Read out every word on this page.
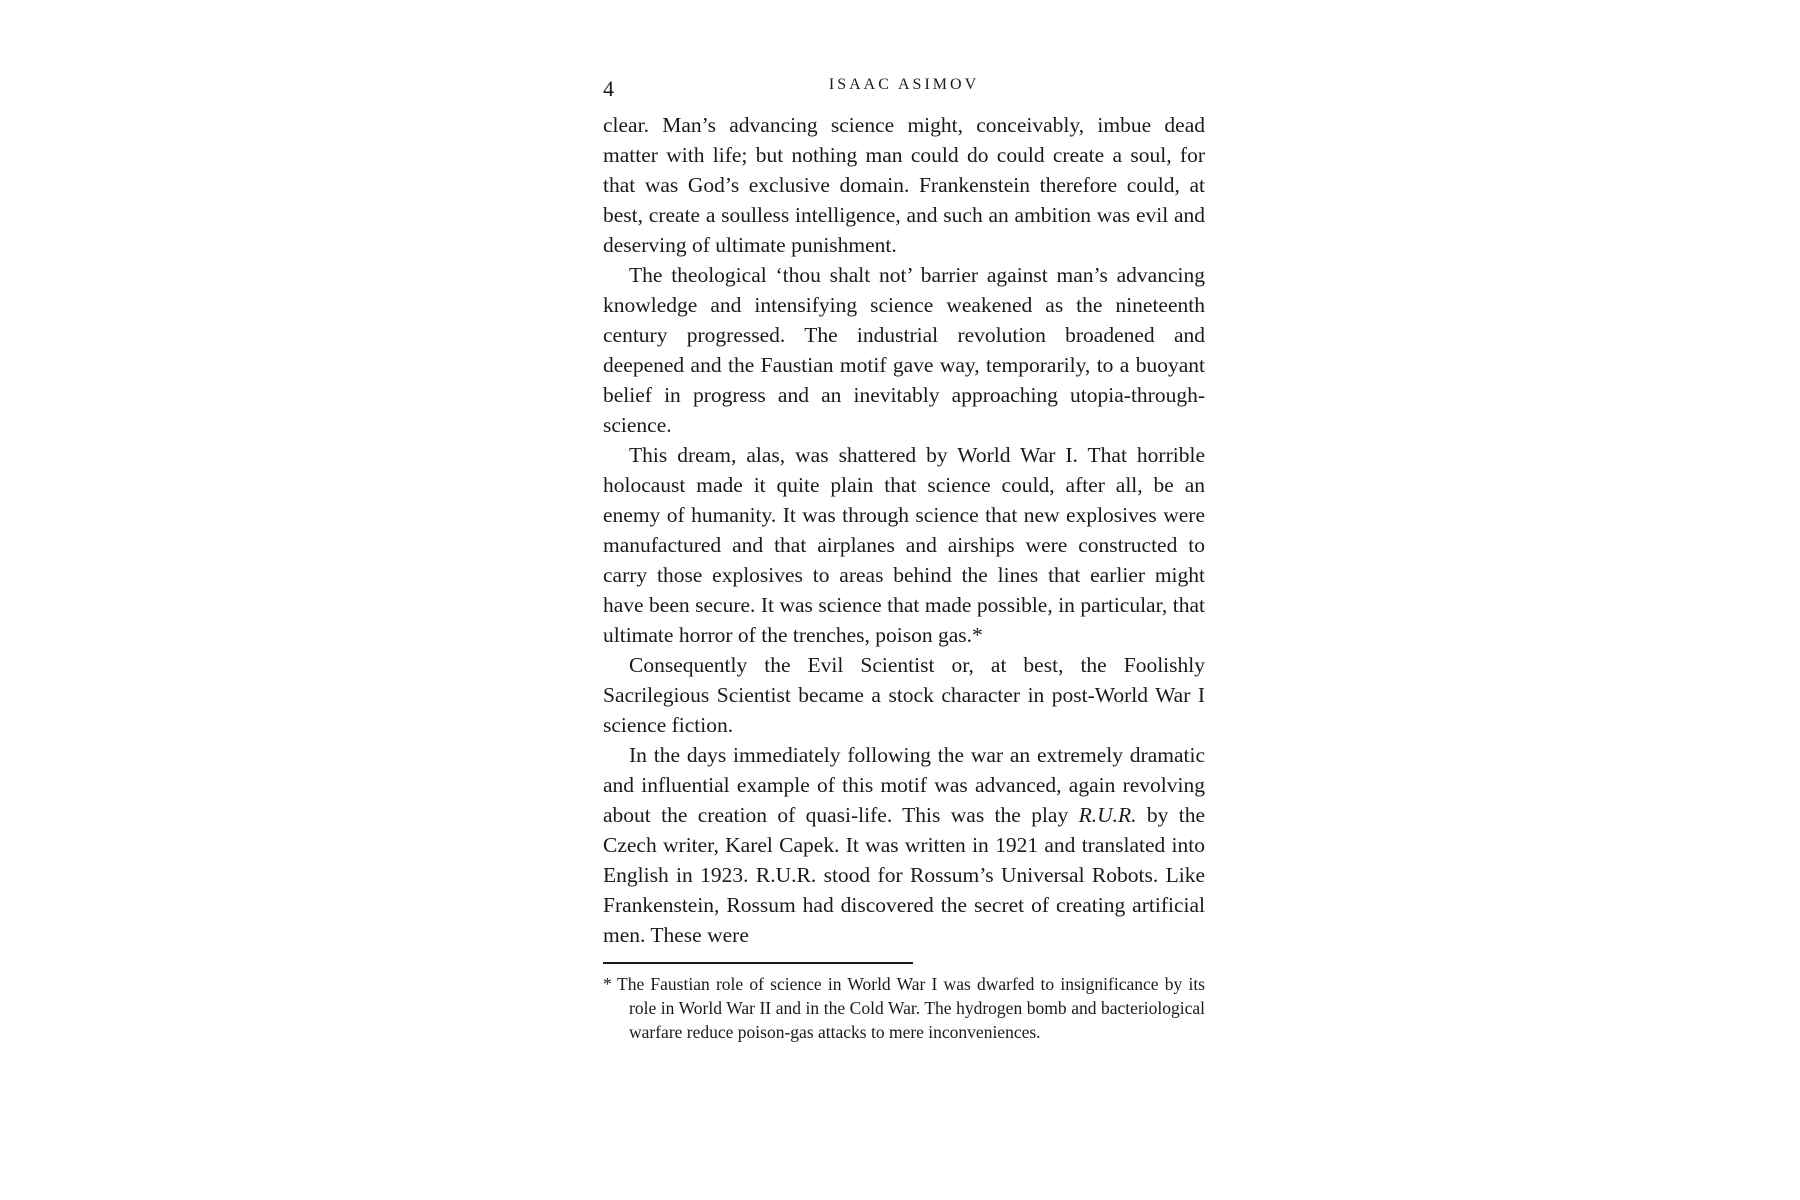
4	ISAAC ASIMOV

clear. Man’s advancing science might, conceivably, imbue dead matter with life; but nothing man could do could create a soul, for that was God’s exclusive domain. Frankenstein therefore could, at best, create a soulless intelligence, and such an ambition was evil and deserving of ultimate punishment.

The theological ‘thou shalt not’ barrier against man’s advancing knowledge and intensifying science weakened as the nineteenth century progressed. The industrial revolution broadened and deepened and the Faustian motif gave way, temporarily, to a buoyant belief in progress and an inevitably approaching utopia-through-science.

This dream, alas, was shattered by World War I. That horrible holocaust made it quite plain that science could, after all, be an enemy of humanity. It was through science that new explosives were manufactured and that airplanes and airships were constructed to carry those explosives to areas behind the lines that earlier might have been secure. It was science that made possible, in particular, that ultimate horror of the trenches, poison gas.*

Consequently the Evil Scientist or, at best, the Foolishly Sacrilegious Scientist became a stock character in post-World War I science fiction.

In the days immediately following the war an extremely dramatic and influential example of this motif was advanced, again revolving about the creation of quasi-life. This was the play R.U.R. by the Czech writer, Karel Capek. It was written in 1921 and translated into English in 1923. R.U.R. stood for Rossum’s Universal Robots. Like Frankenstein, Rossum had discovered the secret of creating artificial men. These were

* The Faustian role of science in World War I was dwarfed to insignificance by its role in World War II and in the Cold War. The hydrogen bomb and bacteriological warfare reduce poison-gas attacks to mere inconveniences.
